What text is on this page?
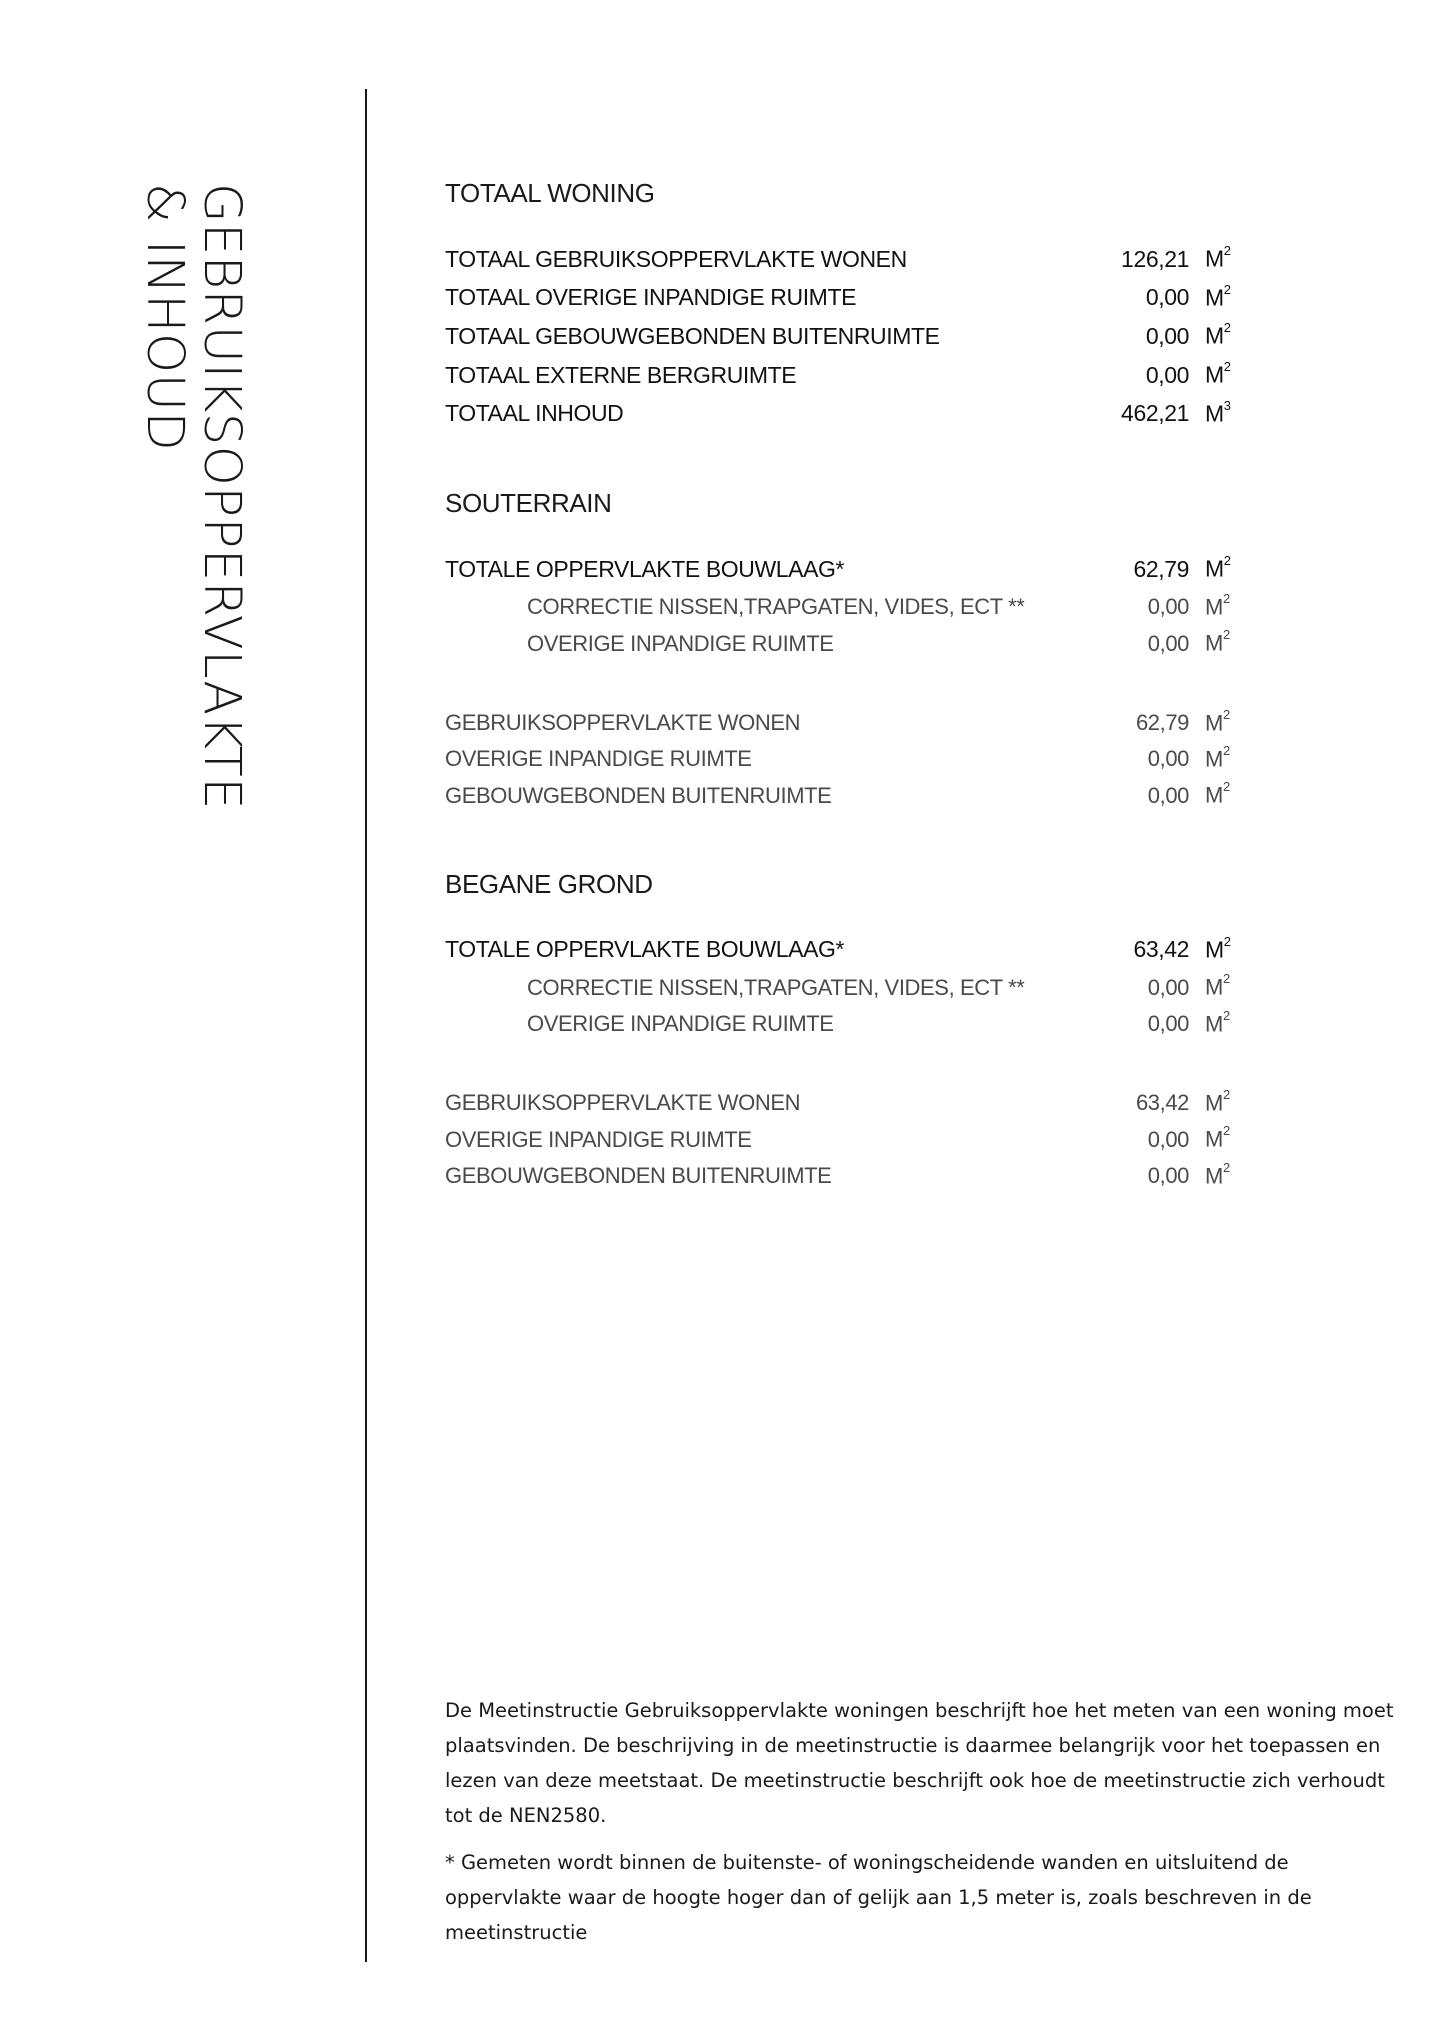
GEBRUIKSOPPERVLAKTE
& INHOUD	TOTAAL WONING
TOTAAL GEBRUIKSOPPERVLAKTE WONEN	126,21 $M^2$
TOTAAL OVERIGE INPANDIGE RUIMTE	0,00 $M^2$
TOTAAL GEBOUWGEBONDEN BUITENRUIMTE	0,00 $M^2$
TOTAAL EXTERNE BERGRUIMTE	0,00 $M^2$
TOTAAL INHOUD	462,21 $M^3$
SOUTERRAIN
TOTALE OPPERVLAKTE BOUWLAAG*	62,79 $M^2$
CORRECTIE NISSEN,TRAPGATEN, VIDES, ECT **	0,00 $M^2$
OVERIGE INPANDIGE RUIMTE	0,00 $M^2$
GEBRUIKSOPPERVLAKTE WONEN	62,79 $M^2$
OVERIGE INPANDIGE RUIMTE	0,00 $M^2$
GEBOUWGEBONDEN BUITENRUIMTE	0,00 $M^2$
BEGANE GROND
TOTALE OPPERVLAKTE BOUWLAAG*	63,42 $M^2$
CORRECTIE NISSEN,TRAPGATEN, VIDES, ECT **	0,00 $M^2$
OVERIGE INPANDIGE RUIMTE	0,00 $M^2$
GEBRUIKSOPPERVLAKTE WONEN	63,42 $M^2$
OVERIGE INPANDIGE RUIMTE	0,00 $M^2$
GEBOUWGEBONDEN BUITENRUIMTE	0,00 $M^2$

De Meetinstructie Gebruiksoppervlakte woningen beschrijft hoe het meten van een woning moet plaatsvinden. De beschrijving in de meetinstructie is daarmee belangrijk voor het toepassen en lezen van deze meetstaat. De meetinstructie beschrijft ook hoe de meetinstructie zich verhoudt tot de NEN2580.

* Gemeten wordt binnen de buitenste- of woningscheidende wanden en uitsluitend de oppervlakte waar de hoogte hoger dan of gelijk aan 1,5 meter is, zoals beschreven in de meetinstructie
